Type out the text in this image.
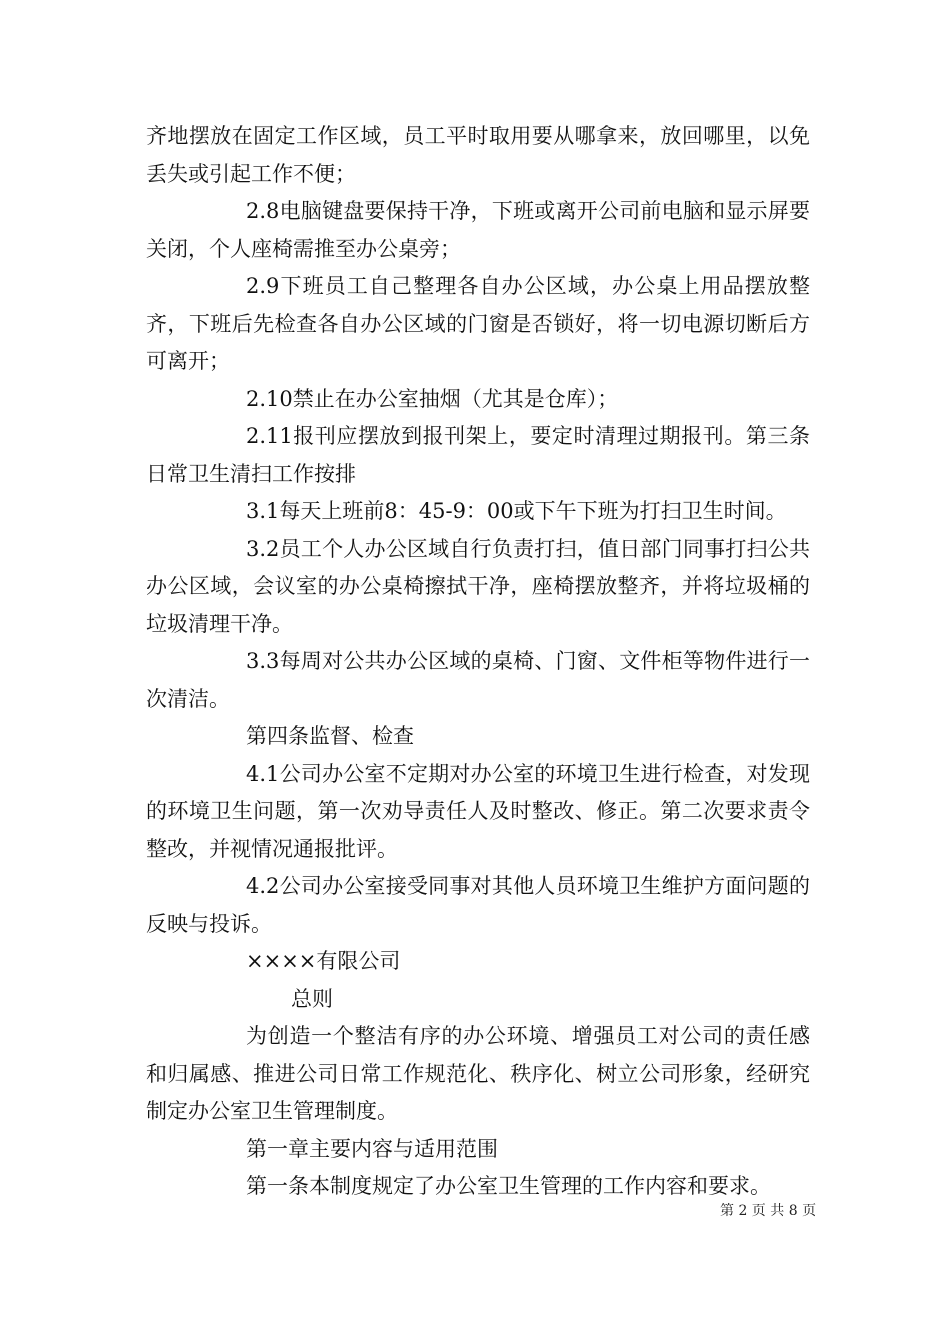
齐地摆放在固定工作区域，员工平时取用要从哪拿来，放回哪里，以免丢失或引起工作不便；

2.8电脑键盘要保持干净，下班或离开公司前电脑和显示屏要关闭，个人座椅需推至办公桌旁；

2.9下班员工自己整理各自办公区域，办公桌上用品摆放整齐，下班后先检查各自办公区域的门窗是否锁好，将一切电源切断后方可离开；

2.10禁止在办公室抽烟（尤其是仓库）；

2.11报刊应摆放到报刊架上，要定时清理过期报刊。第三条日常卫生清扫工作按排

3.1每天上班前8：45-9：00或下午下班为打扫卫生时间。

3.2员工个人办公区域自行负责打扫，值日部门同事打扫公共办公区域，会议室的办公桌椅擦拭干净，座椅摆放整齐，并将垃圾桶的垃圾清理干净。

3.3每周对公共办公区域的桌椅、门窗、文件柜等物件进行一次清洁。

第四条监督、检查

4.1公司办公室不定期对办公室的环境卫生进行检查，对发现的环境卫生问题，第一次劝导责任人及时整改、修正。第二次要求责令整改，并视情况通报批评。

4.2公司办公室接受同事对其他人员环境卫生维护方面问题的反映与投诉。

××××有限公司

总则

为创造一个整洁有序的办公环境、增强员工对公司的责任感和归属感、推进公司日常工作规范化、秩序化、树立公司形象，经研究制定办公室卫生管理制度。

第一章主要内容与适用范围

第一条本制度规定了办公室卫生管理的工作内容和要求。

第 2 页 共 8 页
